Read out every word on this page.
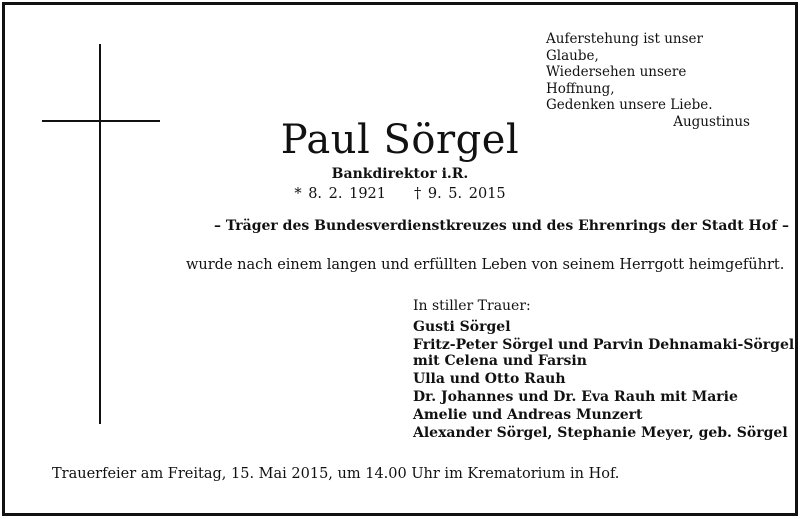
Auferstehung ist unser Glaube,
Wiedersehen unsere Hoffnung,
Gedenken unsere Liebe.
Augustinus
Paul Sörgel
Bankdirektor i.R.
* 8. 2. 1921 † 9. 5. 2015
– Träger des Bundesverdienstkreuzes und des Ehrenrings der Stadt Hof –
wurde nach einem langen und erfüllten Leben von seinem Herrgott heimgeführt.
In stiller Trauer:
Gusti Sörgel
Fritz-Peter Sörgel und Parvin Dehnamaki-Sörgel
mit Celena und Farsin
Ulla und Otto Rauh
Dr. Johannes und Dr. Eva Rauh mit Marie
Amelie und Andreas Munzert
Alexander Sörgel, Stephanie Meyer, geb. Sörgel
Trauerfeier am Freitag, 15. Mai 2015, um 14.00 Uhr im Krematorium in Hof.
